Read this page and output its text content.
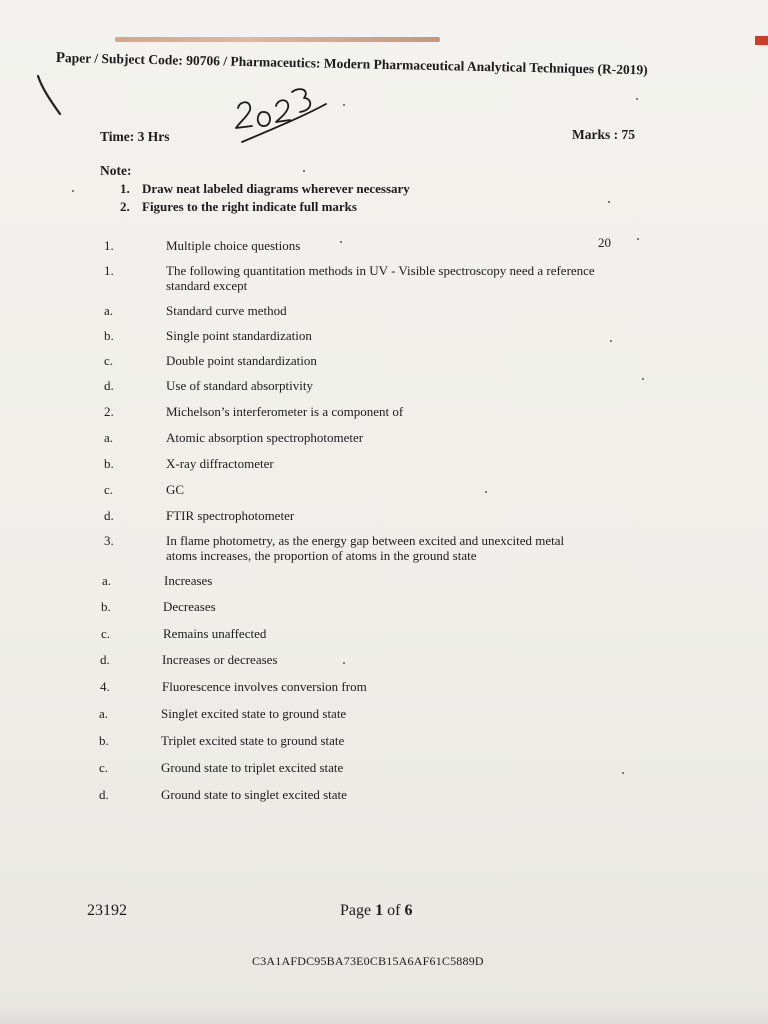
Paper / Subject Code: 90706 / Pharmaceutics: Modern Pharmaceutical Analytical Techniques (R-2019)
Time: 3 Hrs	Marks : 75
Note:
1. Draw neat labeled diagrams wherever necessary
2. Figures to the right indicate full marks
1.	Multiple choice questions	20
1.	The following quantitation methods in UV - Visible spectroscopy need a reference standard except
a.	Standard curve method
b.	Single point standardization
c.	Double point standardization
d.	Use of standard absorptivity
2.	Michelson’s interferometer is a component of
a.	Atomic absorption spectrophotometer
b.	X-ray diffractometer
c.	GC
d.	FTIR spectrophotometer
3.	In flame photometry, as the energy gap between excited and unexcited metal atoms increases, the proportion of atoms in the ground state
a.	Increases
b.	Decreases
c.	Remains unaffected
d.	Increases or decreases
4.	Fluorescence involves conversion from
a.	Singlet excited state to ground state
b.	Triplet excited state to ground state
c.	Ground state to triplet excited state
d.	Ground state to singlet excited state
23192	Page 1 of 6
C3A1AFDC95BA73E0CB15A6AF61C5889D
